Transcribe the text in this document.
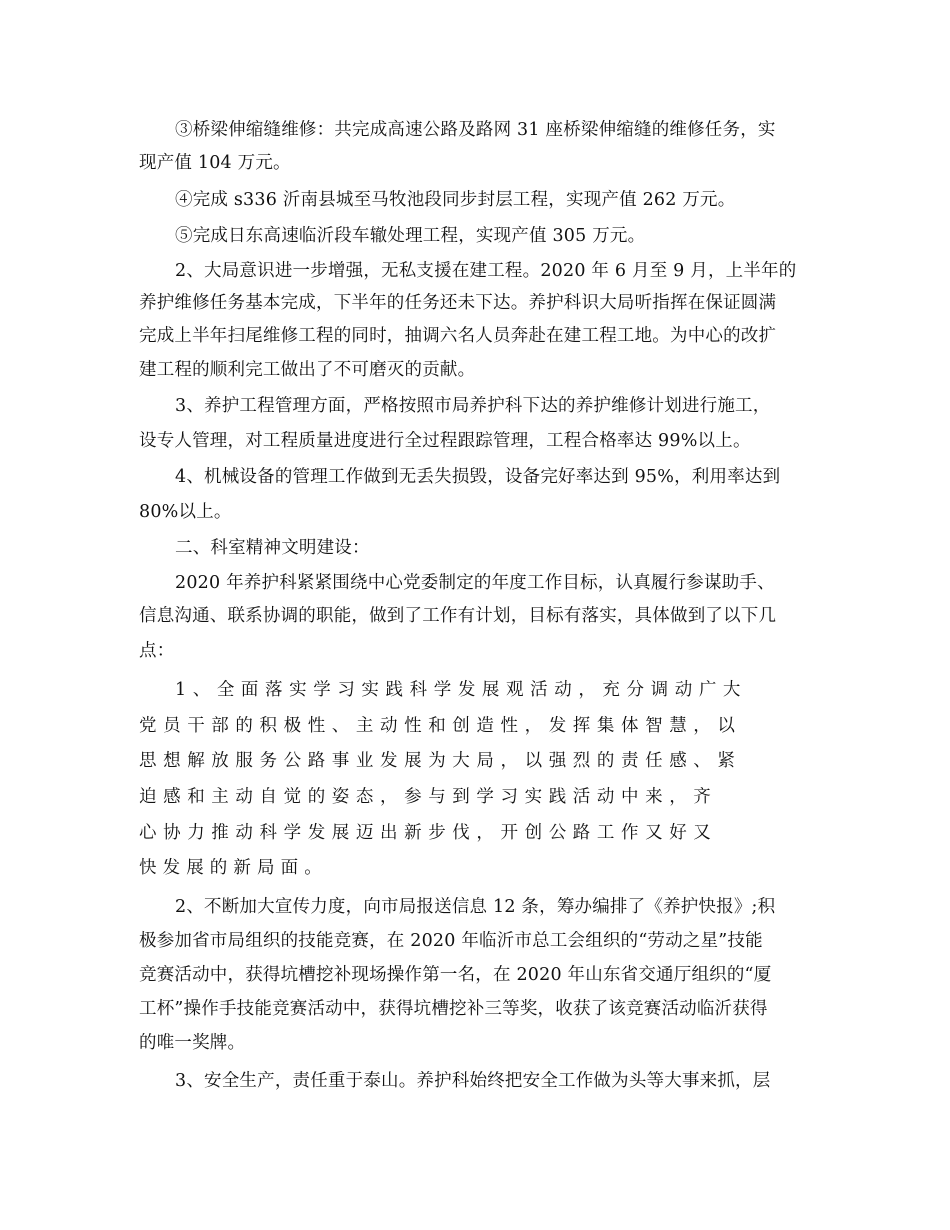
③桥梁伸缩缝维修：共完成高速公路及路网 31 座桥梁伸缩缝的维修任务，实
现产值 104 万元。
④完成 s336 沂南县城至马牧池段同步封层工程，实现产值 262 万元。
⑤完成日东高速临沂段车辙处理工程，实现产值 305 万元。
2、大局意识进一步增强，无私支援在建工程。2020 年 6 月至 9 月，上半年的
养护维修任务基本完成，下半年的任务还未下达。养护科识大局听指挥在保证圆满
完成上半年扫尾维修工程的同时，抽调六名人员奔赴在建工程工地。为中心的改扩
建工程的顺利完工做出了不可磨灭的贡献。
3、养护工程管理方面，严格按照市局养护科下达的养护维修计划进行施工，
设专人管理，对工程质量进度进行全过程跟踪管理，工程合格率达 99%以上。
4、机械设备的管理工作做到无丢失损毁，设备完好率达到 95%，利用率达到
80%以上。
二、科室精神文明建设：
2020 年养护科紧紧围绕中心党委制定的年度工作目标，认真履行参谋助手、
信息沟通、联系协调的职能，做到了工作有计划，目标有落实，具体做到了以下几
点：
1、全面落实学习实践科学发展观活动，充分调动广大
党员干部的积极性、主动性和创造性，发挥集体智慧，以
思想解放服务公路事业发展为大局，以强烈的责任感、紧
迫感和主动自觉的姿态，参与到学习实践活动中来，齐
心协力推动科学发展迈出新步伐，开创公路工作又好又
快发展的新局面。
2、不断加大宣传力度，向市局报送信息 12 条，筹办编排了《养护快报》;积
极参加省市局组织的技能竞赛，在 2020 年临沂市总工会组织的“劳动之星”技能
竞赛活动中，获得坑槽挖补现场操作第一名，在 2020 年山东省交通厅组织的“厦
工杯”操作手技能竞赛活动中，获得坑槽挖补三等奖，收获了该竞赛活动临沂获得
的唯一奖牌。
3、安全生产，责任重于泰山。养护科始终把安全工作做为头等大事来抓，层
